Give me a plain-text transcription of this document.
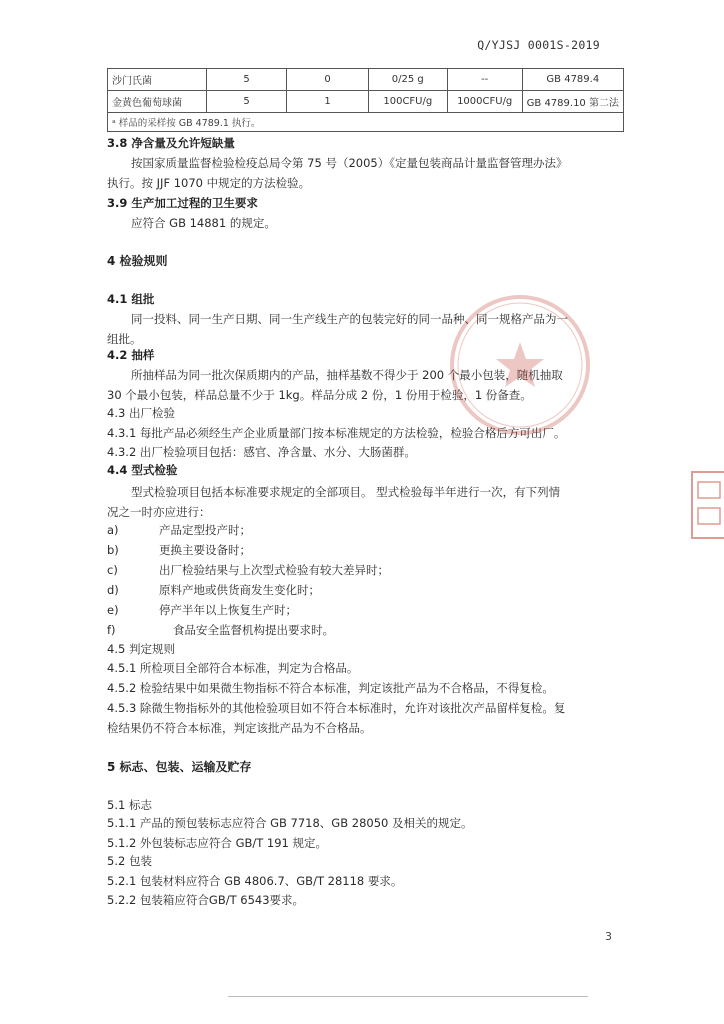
Q/YJSJ 0001S-2019
沙门氏菌	5	0	0/25 g	--	GB 4789.4
金黄色葡萄球菌	5	1	100CFU/g	1000CFU/g	GB 4789.10 第二法
ᵃ 样品的采样按 GB 4789.1 执行。					
3.8 净含量及允许短缺量
按国家质量监督检验检疫总局令第 75 号（2005）《定量包装商品计量监督管理办法》
执行。按 JJF 1070 中规定的方法检验。
3.9 生产加工过程的卫生要求
应符合 GB 14881 的规定。
4 检验规则
4.1 组批
同一投料、同一生产日期、同一生产线生产的包装完好的同一品种、同一规格产品为一
组批。
4.2 抽样
所抽样品为同一批次保质期内的产品，抽样基数不得少于 200 个最小包装，随机抽取
30 个最小包装，样品总量不少于 1kg。样品分成 2 份，1 份用于检验，1 份备查。
4.3 出厂检验
4.3.1 每批产品必须经生产企业质量部门按本标准规定的方法检验，检验合格后方可出厂。
4.3.2 出厂检验项目包括：感官、净含量、水分、大肠菌群。
4.4 型式检验
型式检验项目包括本标准要求规定的全部项目。 型式检验每半年进行一次，有下列情
况之一时亦应进行：
a)	产品定型投产时；
b)	更换主要设备时；
c)	出厂检验结果与上次型式检验有较大差异时；
d)	原料产地或供货商发生变化时；
e)	停产半年以上恢复生产时；
f)	食品安全监督机构提出要求时。
4.5 判定规则
4.5.1 所检项目全部符合本标准，判定为合格品。
4.5.2 检验结果中如果微生物指标不符合本标准，判定该批产品为不合格品，不得复检。
4.5.3 除微生物指标外的其他检验项目如不符合本标准时，允许对该批次产品留样复检。复
检结果仍不符合本标准，判定该批产品为不合格品。
5 标志、包装、运输及贮存
5.1 标志
5.1.1 产品的预包装标志应符合 GB 7718、GB 28050 及相关的规定。
5.1.2 外包装标志应符合 GB/T 191 规定。
5.2 包装
5.2.1 包装材料应符合 GB 4806.7、GB/T 28118 要求。
5.2.2 包装箱应符合GB/T 6543要求。
3
